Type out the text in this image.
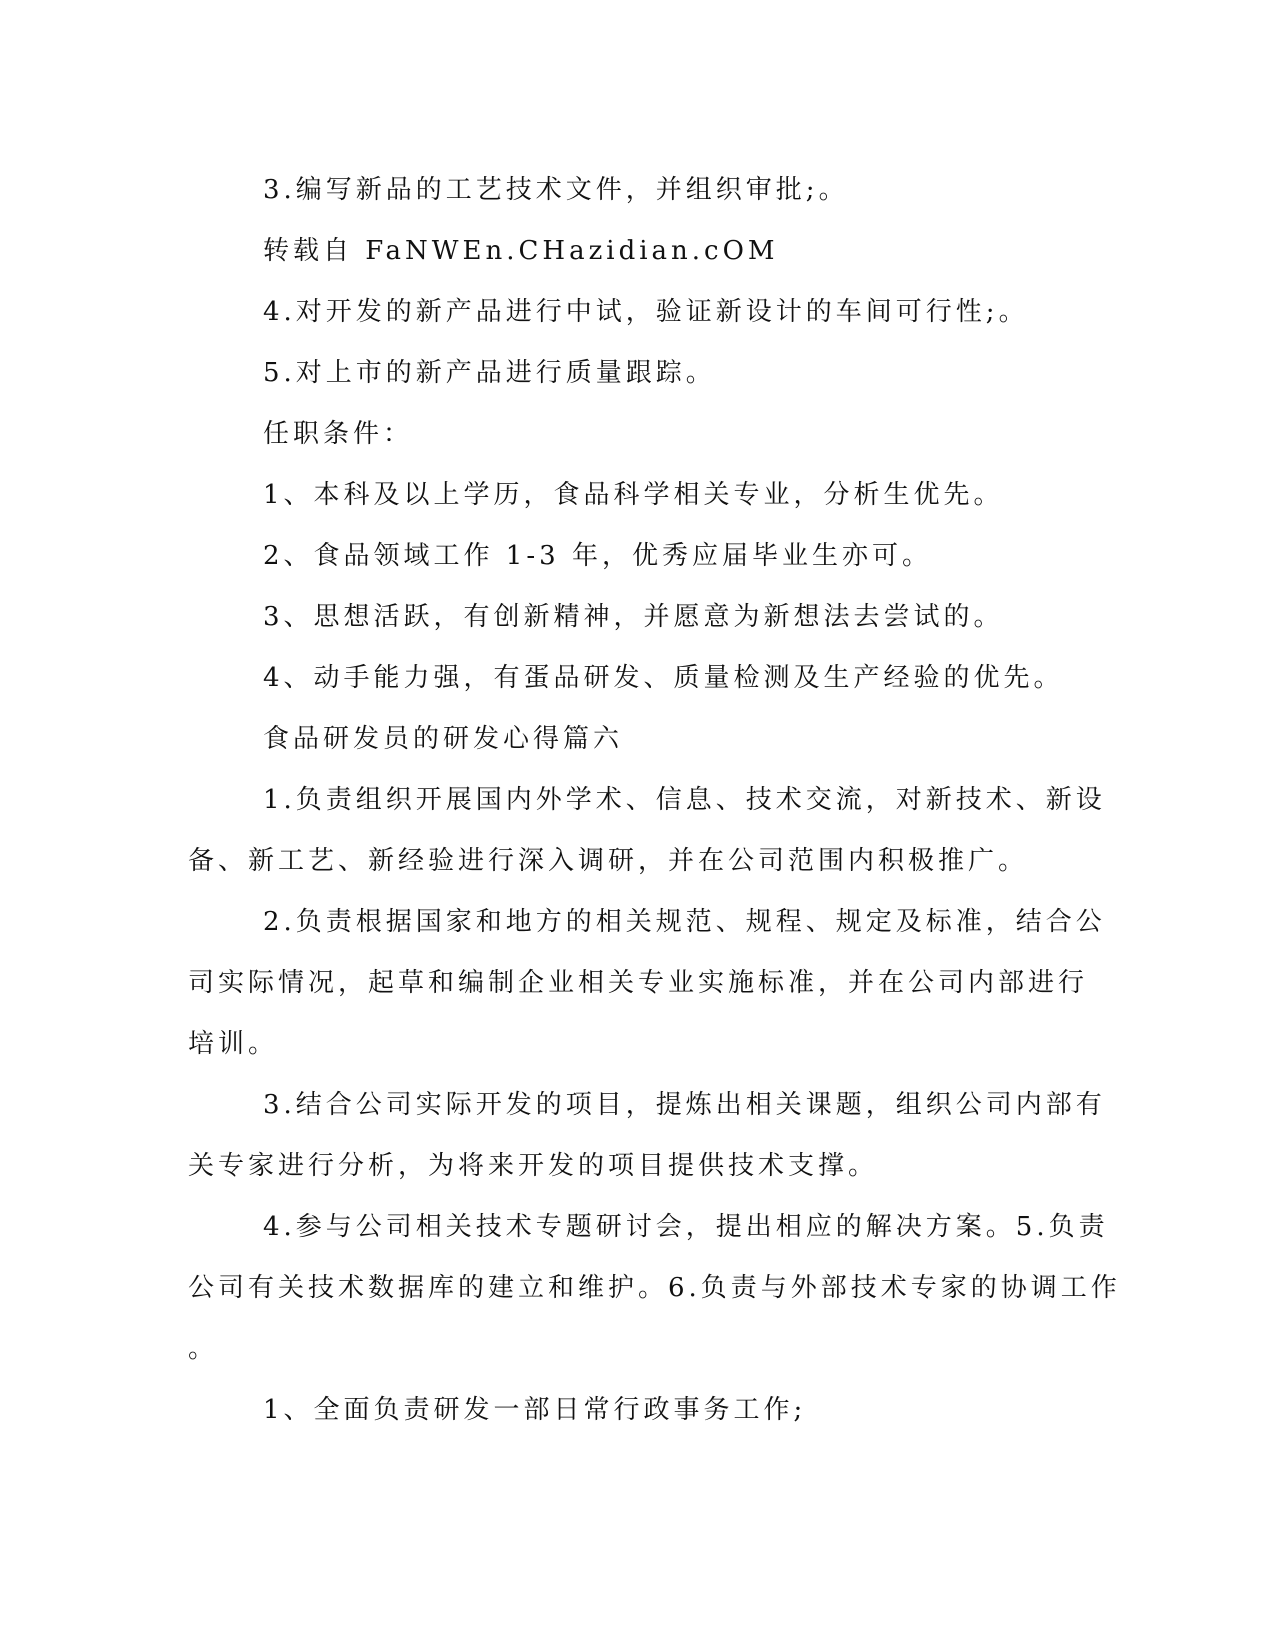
3.编写新品的工艺技术文件，并组织审批;。

转载自 FaNWEn.CHazidian.cOM

4.对开发的新产品进行中试，验证新设计的车间可行性;。

5.对上市的新产品进行质量跟踪。

任职条件：

1、本科及以上学历，食品科学相关专业，分析生优先。

2、食品领域工作 1-3 年，优秀应届毕业生亦可。

3、思想活跃，有创新精神，并愿意为新想法去尝试的。

4、动手能力强，有蛋品研发、质量检测及生产经验的优先。

食品研发员的研发心得篇六

1.负责组织开展国内外学术、信息、技术交流，对新技术、新设

备、新工艺、新经验进行深入调研，并在公司范围内积极推广。

2.负责根据国家和地方的相关规范、规程、规定及标准，结合公

司实际情况，起草和编制企业相关专业实施标准，并在公司内部进行

培训。

3.结合公司实际开发的项目，提炼出相关课题，组织公司内部有

关专家进行分析，为将来开发的项目提供技术支撑。

4.参与公司相关技术专题研讨会，提出相应的解决方案。5.负责

公司有关技术数据库的建立和维护。6.负责与外部技术专家的协调工作

。

1、全面负责研发一部日常行政事务工作;
